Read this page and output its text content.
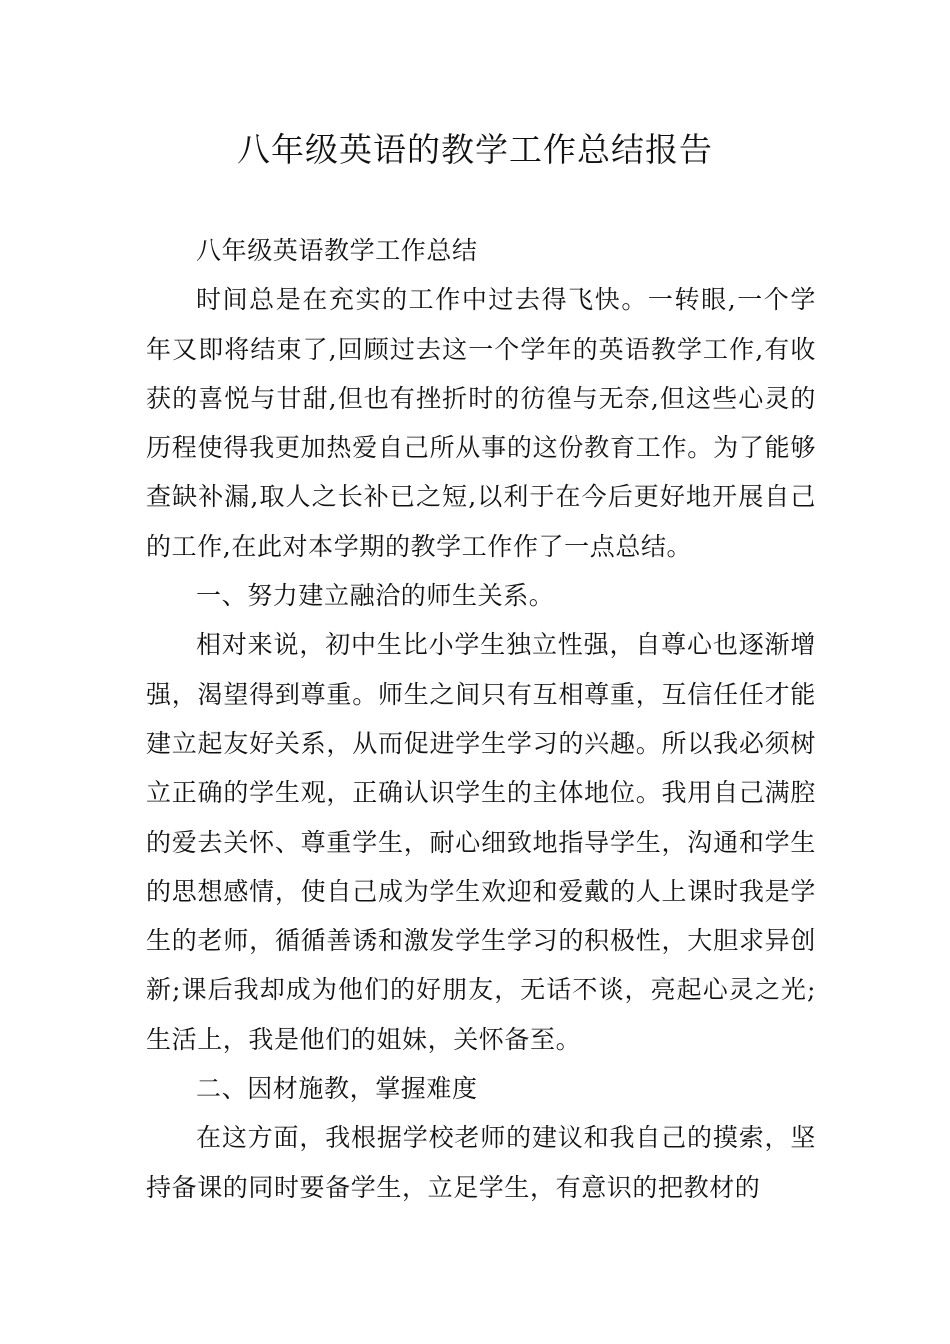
八年级英语的教学工作总结报告

八年级英语教学工作总结

时间总是在充实的工作中过去得飞快。一转眼,一个学年又即将结束了,回顾过去这一个学年的英语教学工作,有收获的喜悦与甘甜,但也有挫折时的彷徨与无奈,但这些心灵的历程使得我更加热爱自己所从事的这份教育工作。为了能够查缺补漏,取人之长补已之短,以利于在今后更好地开展自己的工作,在此对本学期的教学工作作了一点总结。

一、努力建立融洽的师生关系。

相对来说，初中生比小学生独立性强，自尊心也逐渐增强，渴望得到尊重。师生之间只有互相尊重，互信任任才能建立起友好关系，从而促进学生学习的兴趣。所以我必须树立正确的学生观，正确认识学生的主体地位。我用自己满腔的爱去关怀、尊重学生，耐心细致地指导学生，沟通和学生的思想感情，使自己成为学生欢迎和爱戴的人上课时我是学生的老师，循循善诱和激发学生学习的积极性，大胆求异创新;课后我却成为他们的好朋友，无话不谈，亮起心灵之光;生活上，我是他们的姐妹，关怀备至。

二、因材施教，掌握难度

在这方面，我根据学校老师的建议和我自己的摸索，坚持备课的同时要备学生，立足学生，有意识的把教材的
